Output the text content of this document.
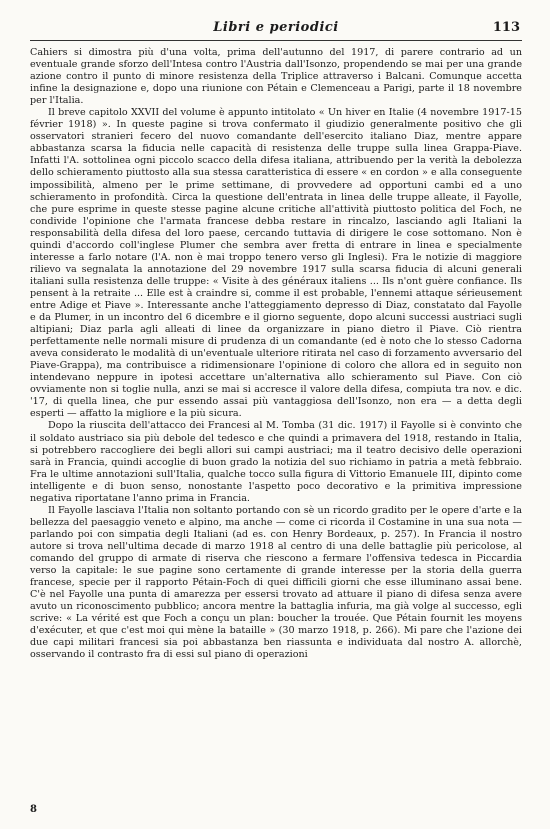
Libri e periodici	113

Cahiers si dimostra più d'una volta, prima dell'autunno del 1917, di parere contrario ad un eventuale grande sforzo dell'Intesa contro l'Austria dall'Isonzo, propendendo se mai per una grande azione contro il punto di minore resistenza della Triplice attraverso i Balcani. Comunque accetta infine la designazione e, dopo una riunione con Pétain e Clemenceau a Parigi, parte il 18 novembre per l'Italia.

Il breve capitolo XXVII del volume è appunto intitolato « Un hiver en Italie (4 novembre 1917-15 février 1918) ». In queste pagine si trova confermato il giudizio generalmente positivo che gli osservatori stranieri fecero del nuovo comandante dell'esercito italiano Diaz, mentre appare abbastanza scarsa la fiducia nelle capacità di resistenza delle truppe sulla linea Grappa-Piave. Infatti l'A. sottolinea ogni piccolo scacco della difesa italiana, attribuendo per la verità la debolezza dello schieramento piuttosto alla sua stessa caratteristica di essere « en cordon » e alla conseguente impossibilità, almeno per le prime settimane, di provvedere ad opportuni cambi ed a uno schieramento in profondità. Circa la questione dell'entrata in linea delle truppe alleate, il Fayolle, che pure esprime in queste stesse pagine alcune critiche all'attività piuttosto politica del Foch, ne condivide l'opinione che l'armata francese debba restare in rincalzo, lasciando agli Italiani la responsabilità della difesa del loro paese, cercando tuttavia di dirigere le cose sottomano. Non è quindi d'accordo coll'inglese Plumer che sembra aver fretta di entrare in linea e specialmente interesse a farlo notare (l'A. non è mai troppo tenero verso gli Inglesi). Fra le notizie di maggiore rilievo va segnalata la annotazione del 29 novembre 1917 sulla scarsa fiducia di alcuni generali italiani sulla resistenza delle truppe: « Visite à des généraux italiens ... Ils n'ont guère confiance. Ils pensent à la retraite ... Elle est à craindre si, comme il est probable, l'ennemi attaque sérieusement entre Adige et Piave ». Interessante anche l'atteggiamento depresso di Diaz, constatato dal Fayolle e da Plumer, in un incontro del 6 dicembre e il giorno seguente, dopo alcuni successi austriaci sugli altipiani; Diaz parla agli alleati di linee da organizzare in piano dietro il Piave. Ciò rientra perfettamente nelle normali misure di prudenza di un comandante (ed è noto che lo stesso Cadorna aveva considerato le modalità di un'eventuale ulteriore ritirata nel caso di forzamento avversario del Piave-Grappa), ma contribuisce a ridimensionare l'opinione di coloro che allora ed in seguito non intendevano neppure in ipotesi accettare un'alternativa allo schieramento sul Piave. Con ciò ovviamente non si toglie nulla, anzi se mai si accresce il valore della difesa, compiuta tra nov. e dic. '17, di quella linea, che pur essendo assai più vantaggiosa dell'Isonzo, non era — a detta degli esperti — affatto la migliore e la più sicura.

Dopo la riuscita dell'attacco dei Francesi al M. Tomba (31 dic. 1917) il Fayolle si è convinto che il soldato austriaco sia più debole del tedesco e che quindi a primavera del 1918, restando in Italia, si potrebbero raccogliere dei begli allori sui campi austriaci; ma il teatro decisivo delle operazioni sarà in Francia, quindi accoglie di buon grado la notizia del suo richiamo in patria a metà febbraio. Fra le ultime annotazioni sull'Italia, qualche tocco sulla figura di Vittorio Emanuele III, dipinto come intelligente e di buon senso, nonostante l'aspetto poco decorativo e la primitiva impressione negativa riportatane l'anno prima in Francia.

Il Fayolle lasciava l'Italia non soltanto portando con sè un ricordo gradito per le opere d'arte e la bellezza del paesaggio veneto e alpino, ma anche — come ci ricorda il Costamine in una sua nota — parlando poi con simpatia degli Italiani (ad es. con Henry Bordeaux, p. 257). In Francia il nostro autore si trova nell'ultima decade di marzo 1918 al centro di una delle battaglie più pericolose, al comando del gruppo di armate di riserva che riescono a fermare l'offensiva tedesca in Piccardia verso la capitale: le sue pagine sono certamente di grande interesse per la storia della guerra francese, specie per il rapporto Pétain-Foch di quei difficili giorni che esse illuminano assai bene. C'è nel Fayolle una punta di amarezza per essersi trovato ad attuare il piano di difesa senza avere avuto un riconoscimento pubblico; ancora mentre la battaglia infuria, ma già volge al successo, egli scrive: « La vérité est que Foch a conçu un plan: boucher la trouée. Que Pétain fournit les moyens d'exécuter, et que c'est moi qui mène la bataille » (30 marzo 1918, p. 266). Mi pare che l'azione dei due capi militari francesi sia poi abbastanza ben riassunta e individuata dal nostro A. allorchè, osservando il contrasto fra di essi sul piano di operazioni

8
